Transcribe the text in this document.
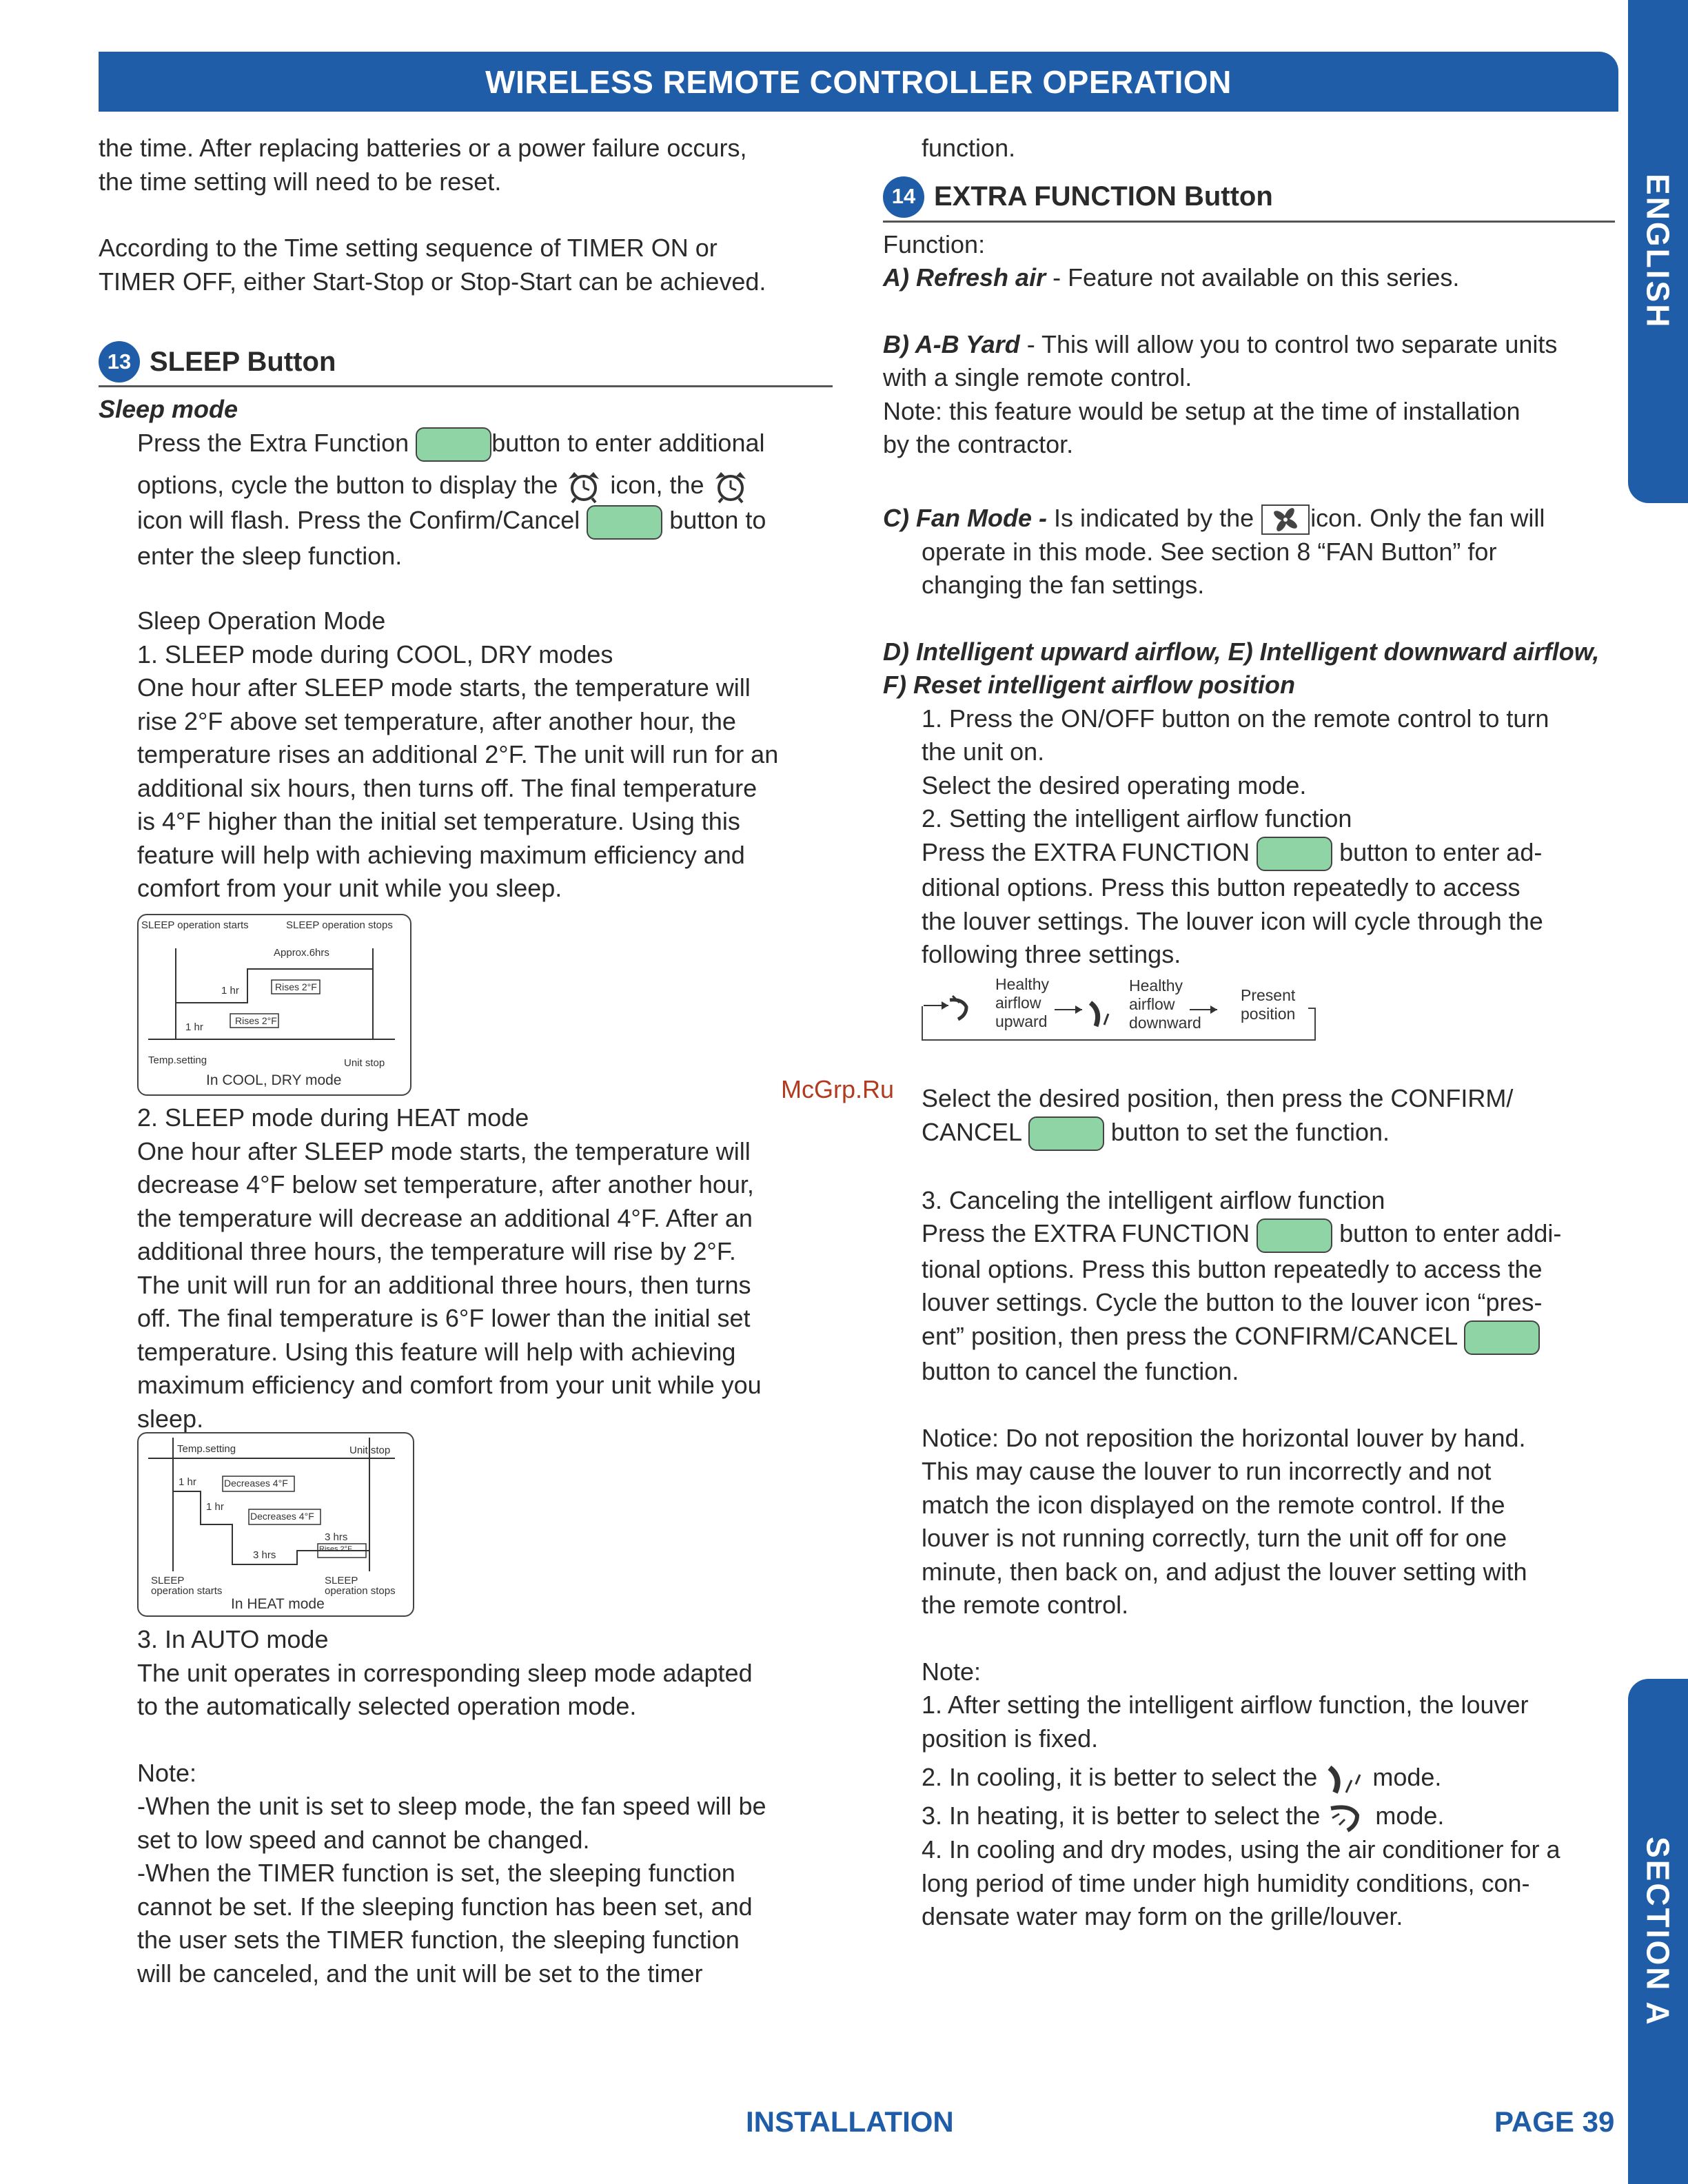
WIRELESS REMOTE CONTROLLER OPERATION
ENGLISH
SECTION A

the time. After replacing batteries or a power failure occurs,

the time setting will need to be reset.

According to the Time setting sequence of TIMER ON or

TIMER OFF, either Start-Stop or Stop-Start can be achieved.

13 SLEEP Button

Sleep mode

Press the Extra Function	button to enter additional

options, cycle the button to display the icon, the

icon will flash. Press the Confirm/Cancel	button to

enter the sleep function.

Sleep Operation Mode

1. SLEEP mode during COOL, DRY modes

One hour after SLEEP mode starts, the temperature will

rise 2°F above set temperature, after another hour, the

temperature rises an additional 2°F. The unit will run for an

additional six hours, then turns off. The final temperature

is 4°F higher than the initial set temperature. Using this

feature will help with achieving maximum efficiency and

comfort from your unit while you sleep.

SLEEP operation starts	SLEEP operation stops
Approx.6hrs
1 hr
1 hr
Rises 2°F
Rises 2°F
Temp.setting	Unit stop
In COOL, DRY mode

2. SLEEP mode during HEAT mode

One hour after SLEEP mode starts, the temperature will

decrease 4°F below set temperature, after another hour,

the temperature will decrease an additional 4°F. After an

additional three hours, the temperature will rise by 2°F.

The unit will run for an additional three hours, then turns

off. The final temperature is 6°F lower than the initial set

temperature. Using this feature will help with achieving

maximum efficiency and comfort from your unit while you

sleep.

Temp.setting	Unit stop
1 hr
1 hr
Decreases 4°F
Decreases 4°F
3 hrs
3 hrs	Rises 2°F
SLEEP
operation starts
SLEEP
operation stops
In HEAT mode

3. In AUTO mode

The unit operates in corresponding sleep mode adapted

to the automatically selected operation mode.

Note:

-When the unit is set to sleep mode, the fan speed will be

set to low speed and cannot be changed.

-When the TIMER function is set, the sleeping function

cannot be set. If the sleeping function has been set, and

the user sets the TIMER function, the sleeping function

will be canceled, and the unit will be set to the timer

function.

14 EXTRA FUNCTION Button

Function:

A) Refresh air - Feature not available on this series.

B) A-B Yard - This will allow you to control two separate units

with a single remote control.

Note: this feature would be setup at the time of installation

by the contractor.

C) Fan Mode - Is indicated by the icon. Only the fan will

operate in this mode. See section 8 “FAN Button” for

changing the fan settings.

D) Intelligent upward airflow, E) Intelligent downward airflow,

F) Reset intelligent airflow position

1. Press the ON/OFF button on the remote control to turn

the unit on.

Select the desired operating mode.

2. Setting the intelligent airflow function

Press the EXTRA FUNCTION	button to enter ad-

ditional options. Press this button repeatedly to access

the louver settings. The louver icon will cycle through the

following three settings.

Healthy
airflow
upward
Healthy
airflow
downward
Present
position
McGrp.Ru Select the desired position, then press the CONFIRM/

CANCEL	button to set the function.

3. Canceling the intelligent airflow function

Press the EXTRA FUNCTION	button to enter addi-

tional options. Press this button repeatedly to access the

louver settings. Cycle the button to the louver icon “pres-

ent” position, then press the CONFIRM/CANCEL

button to cancel the function.

Notice: Do not reposition the horizontal louver by hand.

This may cause the louver to run incorrectly and not

match the icon displayed on the remote control. If the

louver is not running correctly, turn the unit off for one

minute, then back on, and adjust the louver setting with

the remote control.

Note:

1. After setting the intelligent airflow function, the louver

position is fixed.

2. In cooling, it is better to select the mode.

3. In heating, it is better to select the mode.

4. In cooling and dry modes, using the air conditioner for a

long period of time under high humidity conditions, con-

densate water may form on the grille/louver.

INSTALLATION	PAGE 39
